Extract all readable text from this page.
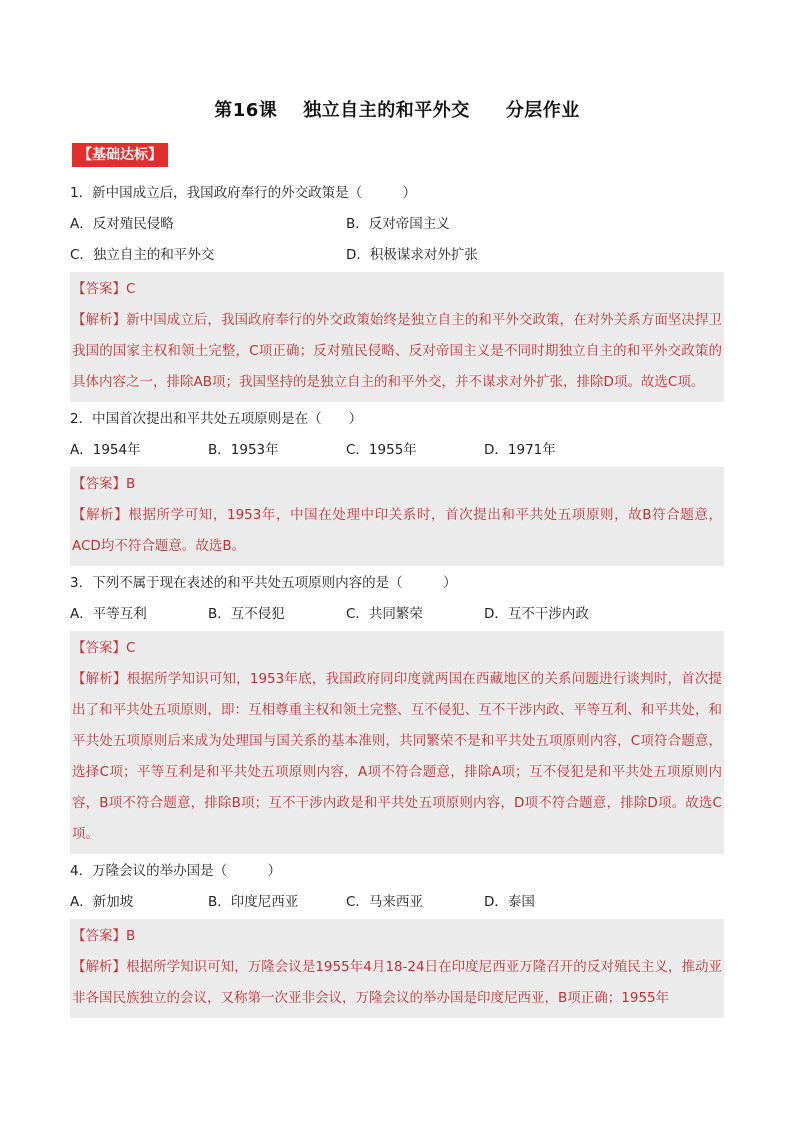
第16课 独立自主的和平外交 分层作业
【基础达标】

1．新中国成立后，我国政府奉行的外交政策是（　　　）

A．反对殖民侵略	B．反对帝国主义
C．独立自主的和平外交	D．积极谋求对外扩张

【答案】C

【解析】新中国成立后，我国政府奉行的外交政策始终是独立自主的和平外交政策，在对外关系方面坚决捍卫我国的国家主权和领土完整，C项正确；反对殖民侵略、反对帝国主义是不同时期独立自主的和平外交政策的具体内容之一，排除AB项；我国坚持的是独立自主的和平外交，并不谋求对外扩张，排除D项。故选C项。

2．中国首次提出和平共处五项原则是在（　　）

A．1954年	B．1953年	C．1955年	D．1971年

【答案】B

【解析】根据所学可知，1953年，中国在处理中印关系时，首次提出和平共处五项原则，故B符合题意，ACD均不符合题意。故选B。

3．下列不属于现在表述的和平共处五项原则内容的是（　　　）

A．平等互利	B．互不侵犯	C．共同繁荣	D．互不干涉内政

【答案】C

【解析】根据所学知识可知，1953年底，我国政府同印度就两国在西藏地区的关系问题进行谈判时，首次提出了和平共处五项原则，即：互相尊重主权和领土完整、互不侵犯、互不干涉内政、平等互利、和平共处，和平共处五项原则后来成为处理国与国关系的基本准则，共同繁荣不是和平共处五项原则内容，C项符合题意，选择C项；平等互利是和平共处五项原则内容，A项不符合题意，排除A项；互不侵犯是和平共处五项原则内容，B项不符合题意，排除B项；互不干涉内政是和平共处五项原则内容，D项不符合题意，排除D项。故选C项。

4．万隆会议的举办国是（　　　）

A．新加坡	B．印度尼西亚	C．马来西亚	D．泰国

【答案】B

【解析】根据所学知识可知，万隆会议是1955年4月18-24日在印度尼西亚万隆召开的反对殖民主义，推动亚非各国民族独立的会议，又称第一次亚非会议，万隆会议的举办国是印度尼西亚，B项正确；1955年
